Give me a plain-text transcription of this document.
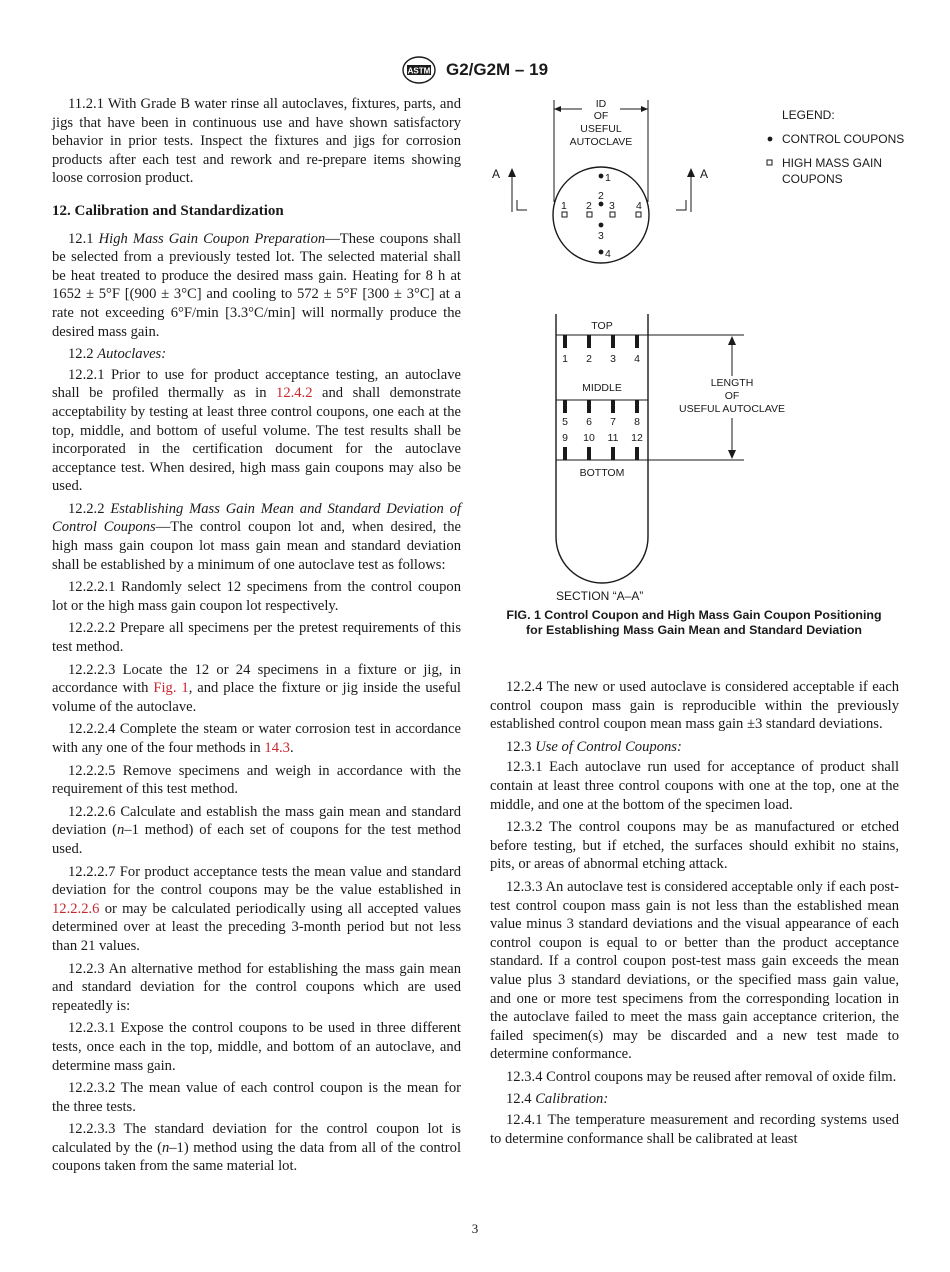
ASTM G2/G2M – 19

11.2.1 With Grade B water rinse all autoclaves, fixtures, parts, and jigs that have been in continuous use and have shown satisfactory behavior in prior tests. Inspect the fixtures and jigs for corrosion products after each test and rework and re-prepare items showing loose corrosion product.

12. Calibration and Standardization

12.1 High Mass Gain Coupon Preparation—These coupons shall be selected from a previously tested lot. The selected material shall be heat treated to produce the desired mass gain. Heating for 8 h at 1652 ± 5°F [(900 ± 3°C] and cooling to 572 ± 5°F [300 ± 3°C] at a rate not exceeding 6°F/min [3.3°C/min] will normally produce the desired mass gain.

12.2 Autoclaves:

12.2.1 Prior to use for product acceptance testing, an autoclave shall be profiled thermally as in 12.4.2 and shall demonstrate acceptability by testing at least three control coupons, one each at the top, middle, and bottom of useful volume. The test results shall be incorporated in the certification document for the autoclave acceptance test. When desired, high mass gain coupons may also be used.

12.2.2 Establishing Mass Gain Mean and Standard Deviation of Control Coupons—The control coupon lot and, when desired, the high mass gain coupon lot mass gain mean and standard deviation shall be established by a minimum of one autoclave test as follows:

12.2.2.1 Randomly select 12 specimens from the control coupon lot or the high mass gain coupon lot respectively.

12.2.2.2 Prepare all specimens per the pretest requirements of this test method.

12.2.2.3 Locate the 12 or 24 specimens in a fixture or jig, in accordance with Fig. 1, and place the fixture or jig inside the useful volume of the autoclave.

12.2.2.4 Complete the steam or water corrosion test in accordance with any one of the four methods in 14.3.

12.2.2.5 Remove specimens and weigh in accordance with the requirement of this test method.

12.2.2.6 Calculate and establish the mass gain mean and standard deviation (n–1 method) of each set of coupons for the test method used.

12.2.2.7 For product acceptance tests the mean value and standard deviation for the control coupons may be the value established in 12.2.2.6 or may be calculated periodically using all accepted values determined over at least the preceding 3-month period but not less than 21 values.

12.2.3 An alternative method for establishing the mass gain mean and standard deviation for the control coupons which are used repeatedly is:

12.2.3.1 Expose the control coupons to be used in three different tests, once each in the top, middle, and bottom of an autoclave, and determine mass gain.

12.2.3.2 The mean value of each control coupon is the mean for the three tests.

12.2.3.3 The standard deviation for the control coupon lot is calculated by the (n–1) method using the data from all of the control coupons taken from the same material lot.

ID
OF
USEFUL
AUTOCLAVE
A	A
1
2
2 3
3
4
1	4
LEGEND:
CONTROL COUPONS
HIGH MASS GAIN
COUPONS
TOP
MIDDLE
BOTTOM
1 2 3 4
5 6 7 8
9 10 11 12
LENGTH
OF
USEFUL AUTOCLAVE
SECTION “A–A”
FIG. 1 Control Coupon and High Mass Gain Coupon Positioning
for Establishing Mass Gain Mean and Standard Deviation

12.2.4 The new or used autoclave is considered acceptable if each control coupon mass gain is reproducible within the previously established control coupon mean mass gain ±3 standard deviations.

12.3 Use of Control Coupons:

12.3.1 Each autoclave run used for acceptance of product shall contain at least three control coupons with one at the top, one at the middle, and one at the bottom of the specimen load.

12.3.2 The control coupons may be as manufactured or etched before testing, but if etched, the surfaces should exhibit no stains, pits, or areas of abnormal etching attack.

12.3.3 An autoclave test is considered acceptable only if each post-test control coupon mass gain is not less than the established mean value minus 3 standard deviations and the visual appearance of each control coupon is equal to or better than the product acceptance standard. If a control coupon post-test mass gain exceeds the mean value plus 3 standard deviations, or the specified mass gain value, and one or more test specimens from the corresponding location in the autoclave failed to meet the mass gain acceptance criterion, the failed specimen(s) may be discarded and a new test made to determine conformance.

12.3.4 Control coupons may be reused after removal of oxide film.

12.4 Calibration:

12.4.1 The temperature measurement and recording systems used to determine conformance shall be calibrated at least

3
